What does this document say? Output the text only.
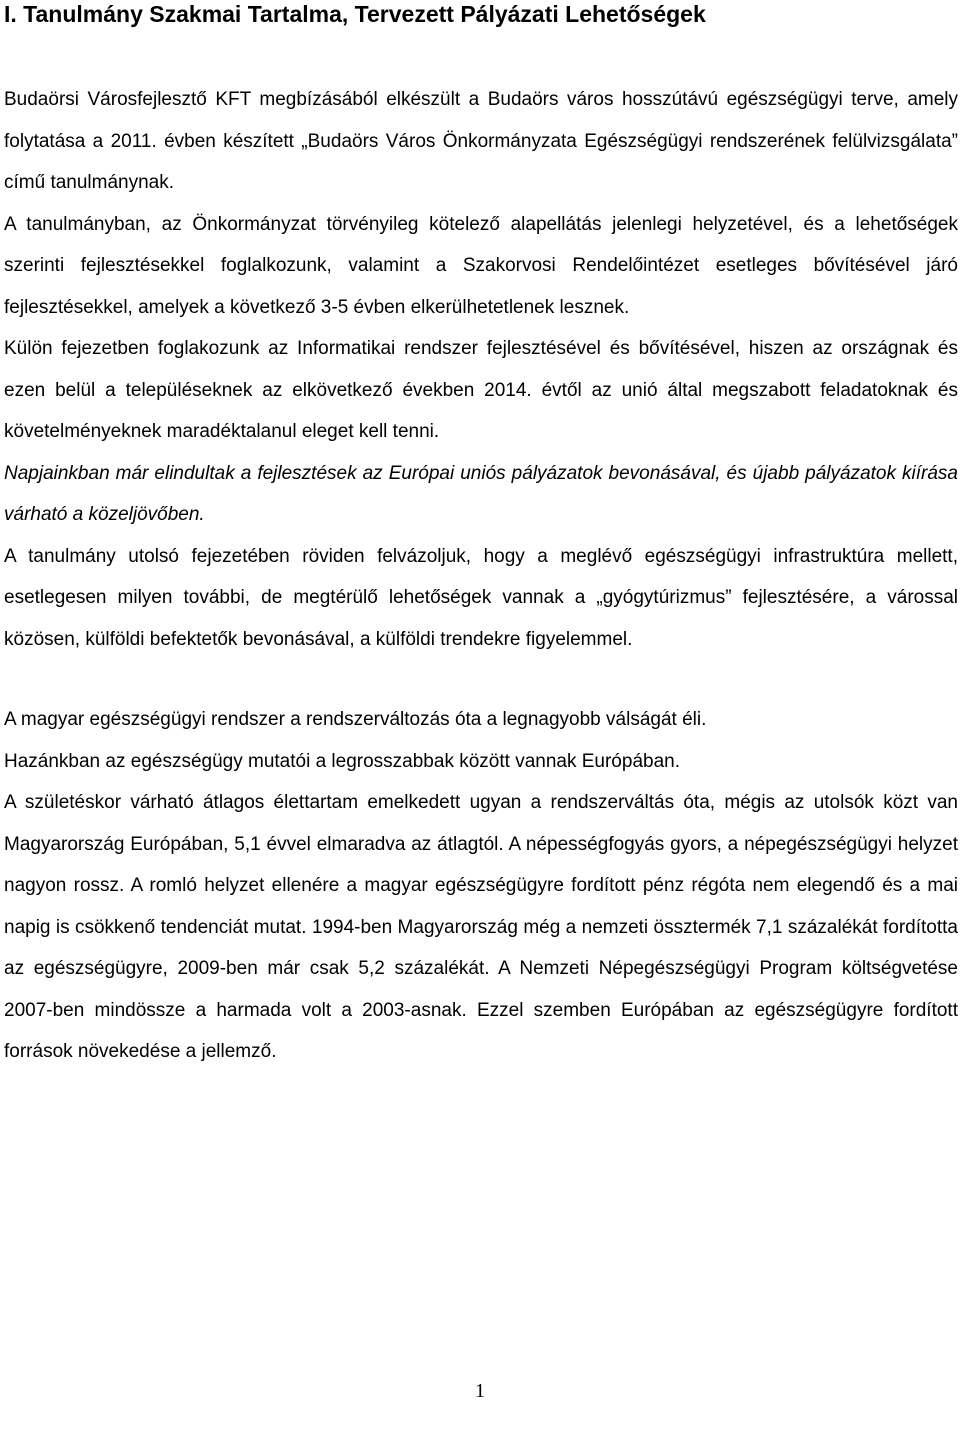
I. Tanulmány Szakmai Tartalma, Tervezett Pályázati Lehetőségek

Budaörsi Városfejlesztő KFT megbízásából elkészült a Budaörs város hosszútávú egészségügyi terve, amely folytatása a 2011. évben készített „Budaörs Város Önkormányzata Egészségügyi rendszerének felülvizsgálata” című tanulmánynak.

A tanulmányban, az Önkormányzat törvényileg kötelező alapellátás jelenlegi helyzetével, és a lehetőségek szerinti fejlesztésekkel foglalkozunk, valamint a Szakorvosi Rendelőintézet esetleges bővítésével járó fejlesztésekkel, amelyek a következő 3-5 évben elkerülhetetlenek lesznek.

Külön fejezetben foglakozunk az Informatikai rendszer fejlesztésével és bővítésével, hiszen az országnak és ezen belül a településeknek az elkövetkező években 2014. évtől az unió által megszabott feladatoknak és követelményeknek maradéktalanul eleget kell tenni.

Napjainkban már elindultak a fejlesztések az Európai uniós pályázatok bevonásával, és újabb pályázatok kiírása várható a közeljövőben.

A tanulmány utolsó fejezetében röviden felvázoljuk, hogy a meglévő egészségügyi infrastruktúra mellett, esetlegesen milyen további, de megtérülő lehetőségek vannak a „gyógytúrizmus” fejlesztésére, a várossal közösen, külföldi befektetők bevonásával, a külföldi trendekre figyelemmel.

A magyar egészségügyi rendszer a rendszerváltozás óta a legnagyobb válságát éli.

Hazánkban az egészségügy mutatói a legrosszabbak között vannak Európában.

A születéskor várható átlagos élettartam emelkedett ugyan a rendszerváltás óta, mégis az utolsók közt van Magyarország Európában, 5,1 évvel elmaradva az átlagtól. A népességfogyás gyors, a népegészségügyi helyzet nagyon rossz. A romló helyzet ellenére a magyar egészségügyre fordított pénz régóta nem elegendő és a mai napig is csökkenő tendenciát mutat. 1994-ben Magyarország még a nemzeti össztermék 7,1 százalékát fordította az egészségügyre, 2009-ben már csak 5,2 százalékát. A Nemzeti Népegészségügyi Program költségvetése 2007-ben mindössze a harmada volt a 2003-asnak. Ezzel szemben Európában az egészségügyre fordított források növekedése a jellemző.

1
